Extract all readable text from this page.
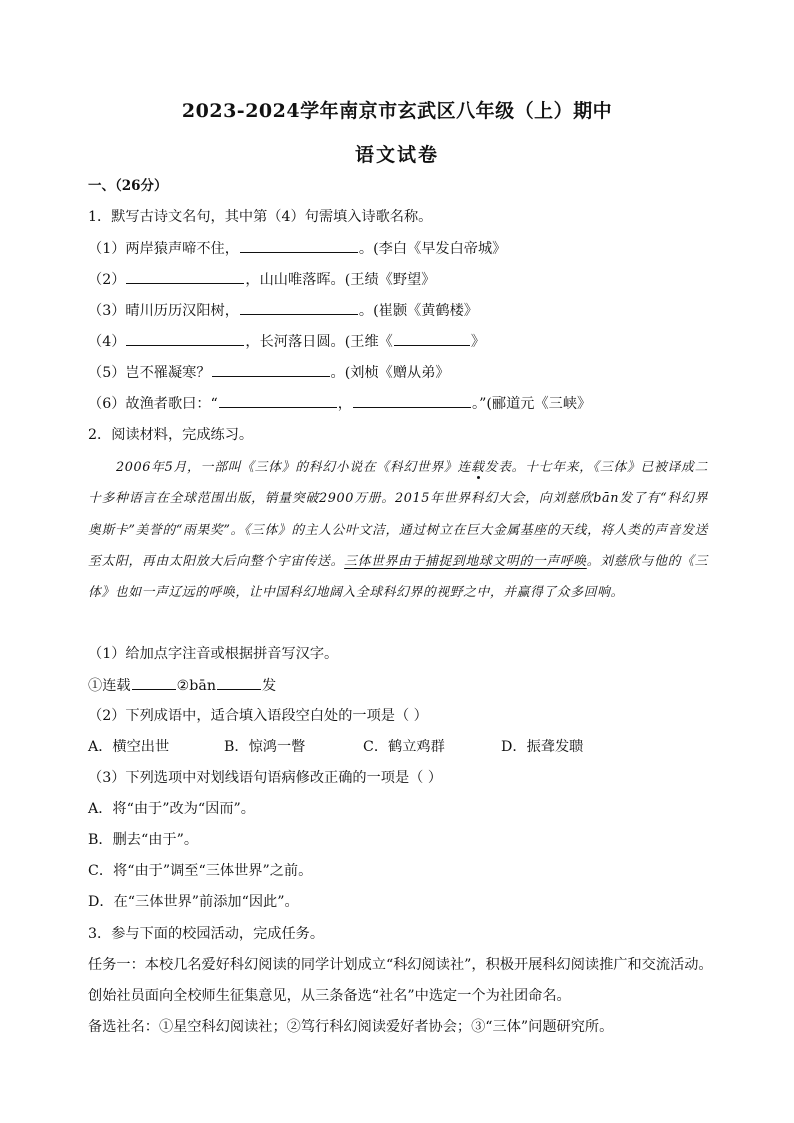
2023-2024学年南京市玄武区八年级（上）期中
语文试卷
一、（26分）
1．默写古诗文名句，其中第（4）句需填入诗歌名称。
（1）两岸猿声啼不住，	。(李白《早发白帝城》
（2）	，山山唯落晖。(王绩《野望》
（3）晴川历历汉阳树，	。(崔颢《黄鹤楼》
（4）	，长河落日圆。(王维《	》
（5）岂不罹凝寒？	。(刘桢《赠从弟》
（6）故渔者歌曰：“	，	。”(郦道元《三峡》
2．阅读材料，完成练习。
2006年5月，一部叫《三体》的科幻小说在《科幻世界》连载发表。十七年来，《三体》已被译成二十多种语言在全球范围出版，销量突破2900万册。2015年世界科幻大会，向刘慈欣bān发了有“科幻界奥斯卡”美誉的“雨果奖”。《三体》的主人公叶文洁，通过树立在巨大金属基座的天线，将人类的声音发送至太阳，再由太阳放大后向整个宇宙传送。三体世界由于捕捉到地球文明的一声呼唤。刘慈欣与他的《三体》也如一声辽远的呼唤，让中国科幻地阔入全球科幻界的视野之中，并赢得了众多回响。
（1）给加点字注音或根据拼音写汉字。
①连载	②bān	发
（2）下列成语中，适合填入语段空白处的一项是（ ）
A．横空出世	B．惊鸿一瞥	C．鹤立鸡群	D．振聋发聩
（3）下列选项中对划线语句语病修改正确的一项是（ ）
A．将“由于”改为“因而”。
B．删去“由于”。
C．将“由于”调至“三体世界”之前。
D．在“三体世界”前添加“因此”。
3．参与下面的校园活动，完成任务。
任务一：本校几名爱好科幻阅读的同学计划成立“科幻阅读社”，积极开展科幻阅读推广和交流活动。
创始社员面向全校师生征集意见，从三条备选“社名”中选定一个为社团命名。
备选社名：①星空科幻阅读社；②笃行科幻阅读爱好者协会；③“三体”问题研究所。
